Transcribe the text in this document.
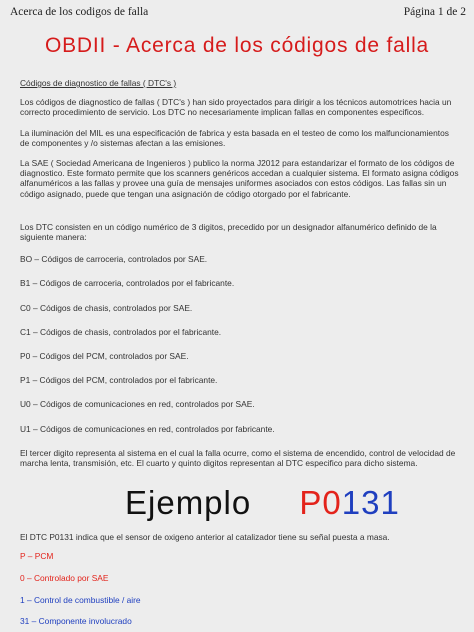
Acerca de los codigos de falla	Página 1 de 2
OBDII - Acerca de los códigos de falla

Códigos de diagnostico de fallas ( DTC's )

Los códigos de diagnostico de fallas ( DTC's ) han sido proyectados para dirigir a los técnicos automotrices hacia un correcto procedimiento de servicio. Los DTC no necesariamente implican fallas en componentes especificos.

La iluminación del MIL es una especificación de fabrica y esta basada en el testeo de como los malfuncionamientos de componentes y /o sistemas afectan a las emisiones.

La SAE ( Sociedad Americana de Ingenieros ) publico la norma J2012 para estandarizar el formato de los códigos de diagnostico. Este formato permite que los scanners genéricos accedan a cualquier sistema. El formato asigna códigos alfanuméricos a las fallas y provee una guía de mensajes uniformes asociados con estos códigos. Las fallas sin un código asignado, puede que tengan una asignación de código otorgado por el fabricante.

Los DTC consisten en un código numérico de 3 digitos, precedido por un designador alfanumérico definido de la siguiente manera:

BO – Códigos de carroceria, controlados por SAE.

B1 – Códigos de carroceria, controlados por el fabricante.

C0 – Códigos de chasis, controlados por SAE.

C1 – Códigos de chasis, controlados por el fabricante.

P0 – Códigos del PCM, controlados por SAE.

P1 – Códigos del PCM, controlados por el fabricante.

U0 – Códigos de comunicaciones en red, controlados por SAE.

U1 – Códigos de comunicaciones en red, controlados por fabricante.

El tercer digito representa al sistema en el cual la falla ocurre, como el sistema de encendido, control de velocidad de marcha lenta, transmisión, etc. El cuarto y quinto digitos representan al DTC especifico para dicho sistema.

Ejemplo P0131
El DTC P0131 indica que el sensor de oxigeno anterior al catalizador tiene su señal puesta a masa.
P – PCM
0 – Controlado por SAE
1 – Control de combustible / aire
31 – Componente involucrado
